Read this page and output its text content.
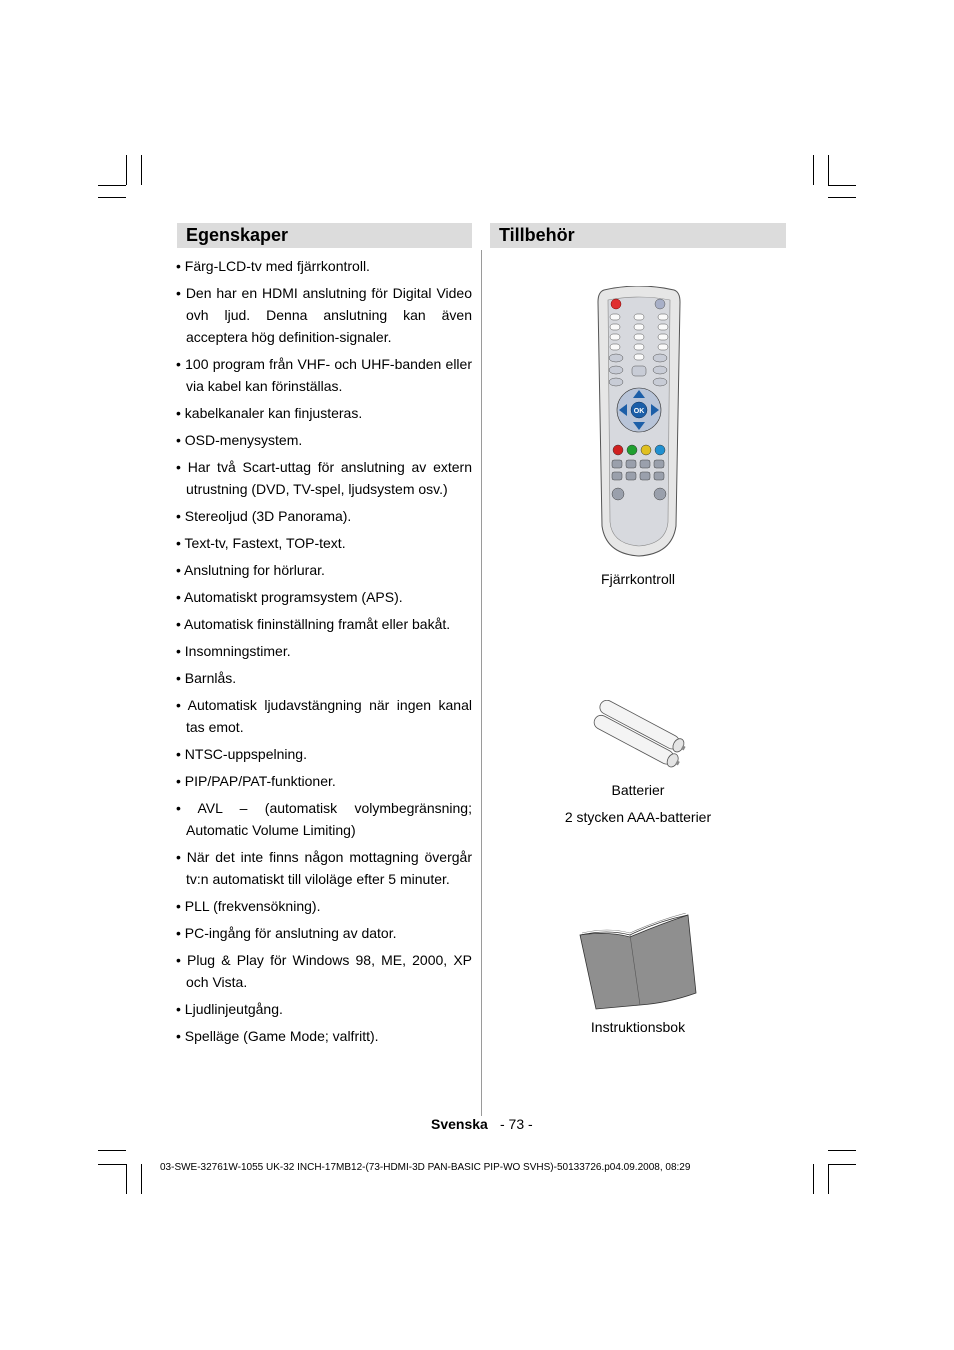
Egenskaper	Tillbehör
• Färg-LCD-tv med fjärrkontroll.
• Den har en HDMI anslutning för Digital Video ovh ljud. Denna anslutning kan även acceptera hög definition-signaler.
• 100 program från VHF- och UHF-banden eller via kabel kan förinställas.
• kabelkanaler kan finjusteras.
• OSD-menysystem.
• Har två Scart-uttag för anslutning av extern utrustning (DVD, TV-spel, ljudsystem osv.)
• Stereoljud (3D Panorama).
• Text-tv, Fastext, TOP-text.
• Anslutning for hörlurar.
• Automatiskt programsystem (APS).
• Automatisk fininställning framåt eller bakåt.
• Insomningstimer.
• Barnlås.
• Automatisk ljudavstängning när ingen kanal tas emot.
• NTSC-uppspelning.
• PIP/PAP/PAT-funktioner.
• AVL – (automatisk volymbegränsning; Automatic Volume Limiting)
• När det inte finns någon mottagning övergår tv:n automatiskt till viloläge efter 5 minuter.
• PLL (frekvensökning).
• PC-ingång för anslutning av dator.
• Plug & Play för Windows 98, ME, 2000, XP och Vista.
• Ljudlinjeutgång.
• Spelläge (Game Mode; valfritt).
OK
Fjärrkontroll
Batterier
2 stycken AAA-batterier
Instruktionsbok
Svenska - 73 -
03-SWE-32761W-1055 UK-32 INCH-17MB12-(73-HDMI-3D PAN-BASIC PIP-WO SVHS)-50133726.p04.09.2008, 08:29
